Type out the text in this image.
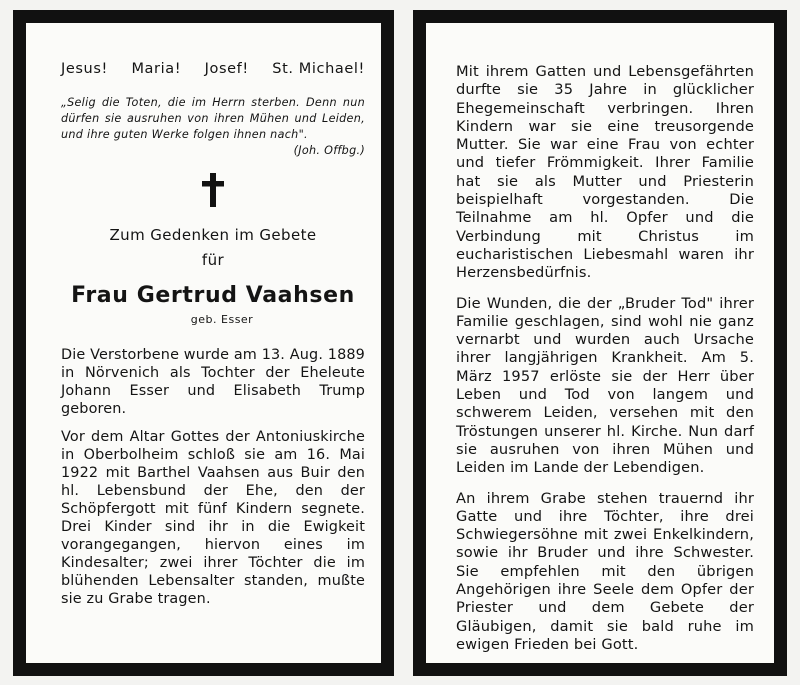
Jesus! Maria! Josef! St. Michael!

„Selig die Toten, die im Herrn sterben. Denn nun dürfen sie ausruhen von ihren Mühen und Leiden, und ihre guten Werke folgen ihnen nach".
(Joh. Offbg.)

Zum Gedenken im Gebete
für
Frau Gertrud Vaahsen
geb. Esser

Die Verstorbene wurde am 13. Aug. 1889 in Nörvenich als Tochter der Eheleute Johann Esser und Elisabeth Trump geboren.

Vor dem Altar Gottes der Antoniuskirche in Oberbolheim schloß sie am 16. Mai 1922 mit Barthel Vaahsen aus Buir den hl. Lebensbund der Ehe, den der Schöpfergott mit fünf Kindern segnete. Drei Kinder sind ihr in die Ewigkeit vorangegangen, hiervon eines im Kindesalter; zwei ihrer Töchter die im blühenden Lebensalter standen, mußte sie zu Grabe tragen.

Mit ihrem Gatten und Lebensgefährten durfte sie 35 Jahre in glücklicher Ehegemeinschaft verbringen. Ihren Kindern war sie eine treusorgende Mutter. Sie war eine Frau von echter und tiefer Frömmigkeit. Ihrer Familie hat sie als Mutter und Priesterin beispielhaft vorgestanden. Die Teilnahme am hl. Opfer und die Verbindung mit Christus im eucharistischen Liebesmahl waren ihr Herzensbedürfnis.

Die Wunden, die der „Bruder Tod" ihrer Familie geschlagen, sind wohl nie ganz vernarbt und wurden auch Ursache ihrer langjährigen Krankheit. Am 5. März 1957 erlöste sie der Herr über Leben und Tod von langem und schwerem Leiden, versehen mit den Tröstungen unserer hl. Kirche. Nun darf sie ausruhen von ihren Mühen und Leiden im Lande der Lebendigen.

An ihrem Grabe stehen trauernd ihr Gatte und ihre Töchter, ihre drei Schwiegersöhne mit zwei Enkelkindern, sowie ihr Bruder und ihre Schwester. Sie empfehlen mit den übrigen Angehörigen ihre Seele dem Opfer der Priester und dem Gebete der Gläubigen, damit sie bald ruhe im ewigen Frieden bei Gott.
